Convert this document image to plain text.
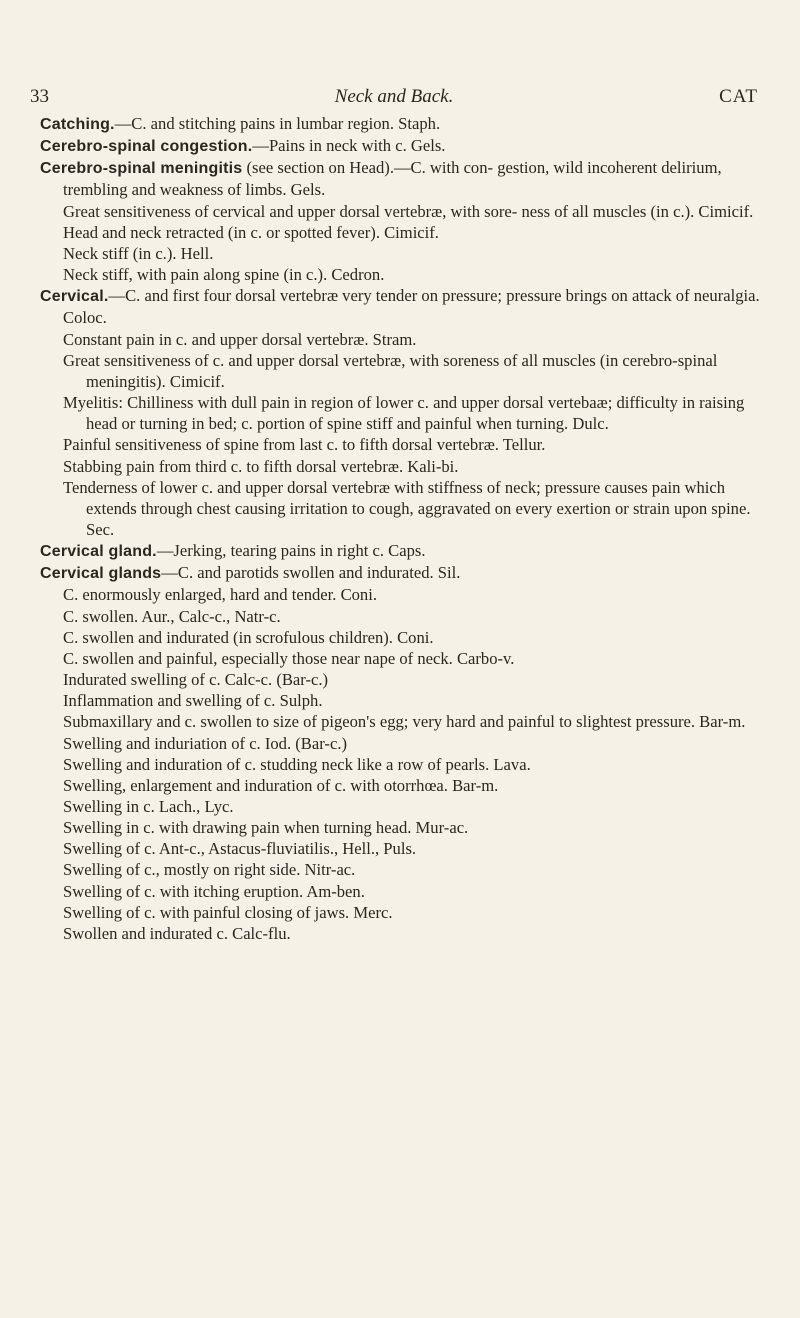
33	Neck and Back.	CAT

Catching.—C. and stitching pains in lumbar region. Staph.

Cerebro-spinal congestion.—Pains in neck with c. Gels.

Cerebro-spinal meningitis (see section on Head).—C. with con- gestion, wild incoherent delirium, trembling and weakness of limbs. Gels.

Great sensitiveness of cervical and upper dorsal vertebræ, with sore- ness of all muscles (in c.). Cimicif.

Head and neck retracted (in c. or spotted fever). Cimicif.

Neck stiff (in c.). Hell.

Neck stiff, with pain along spine (in c.). Cedron.

Cervical.—C. and first four dorsal vertebræ very tender on pressure; pressure brings on attack of neuralgia. Coloc.

Constant pain in c. and upper dorsal vertebræ. Stram.

Great sensitiveness of c. and upper dorsal vertebræ, with soreness of all muscles (in cerebro-spinal meningitis). Cimicif.

Myelitis: Chilliness with dull pain in region of lower c. and upper dorsal vertebaæ; difficulty in raising head or turning in bed; c. portion of spine stiff and painful when turning. Dulc.

Painful sensitiveness of spine from last c. to fifth dorsal vertebræ. Tellur.

Stabbing pain from third c. to fifth dorsal vertebræ. Kali-bi.

Tenderness of lower c. and upper dorsal vertebræ with stiffness of neck; pressure causes pain which extends through chest causing irritation to cough, aggravated on every exertion or strain upon spine. Sec.

Cervical gland.—Jerking, tearing pains in right c. Caps.

Cervical glands—C. and parotids swollen and indurated. Sil.

C. enormously enlarged, hard and tender. Coni.

C. swollen. Aur., Calc-c., Natr-c.

C. swollen and indurated (in scrofulous children). Coni.

C. swollen and painful, especially those near nape of neck. Carbo-v.

Indurated swelling of c. Calc-c. (Bar-c.)

Inflammation and swelling of c. Sulph.

Submaxillary and c. swollen to size of pigeon's egg; very hard and painful to slightest pressure. Bar-m.

Swelling and induriation of c. Iod. (Bar-c.)

Swelling and induration of c. studding neck like a row of pearls. Lava.

Swelling, enlargement and induration of c. with otorrhœa. Bar-m.

Swelling in c. Lach., Lyc.

Swelling in c. with drawing pain when turning head. Mur-ac.

Swelling of c. Ant-c., Astacus-fluviatilis., Hell., Puls.

Swelling of c., mostly on right side. Nitr-ac.

Swelling of c. with itching eruption. Am-ben.

Swelling of c. with painful closing of jaws. Merc.

Swollen and indurated c. Calc-flu.
